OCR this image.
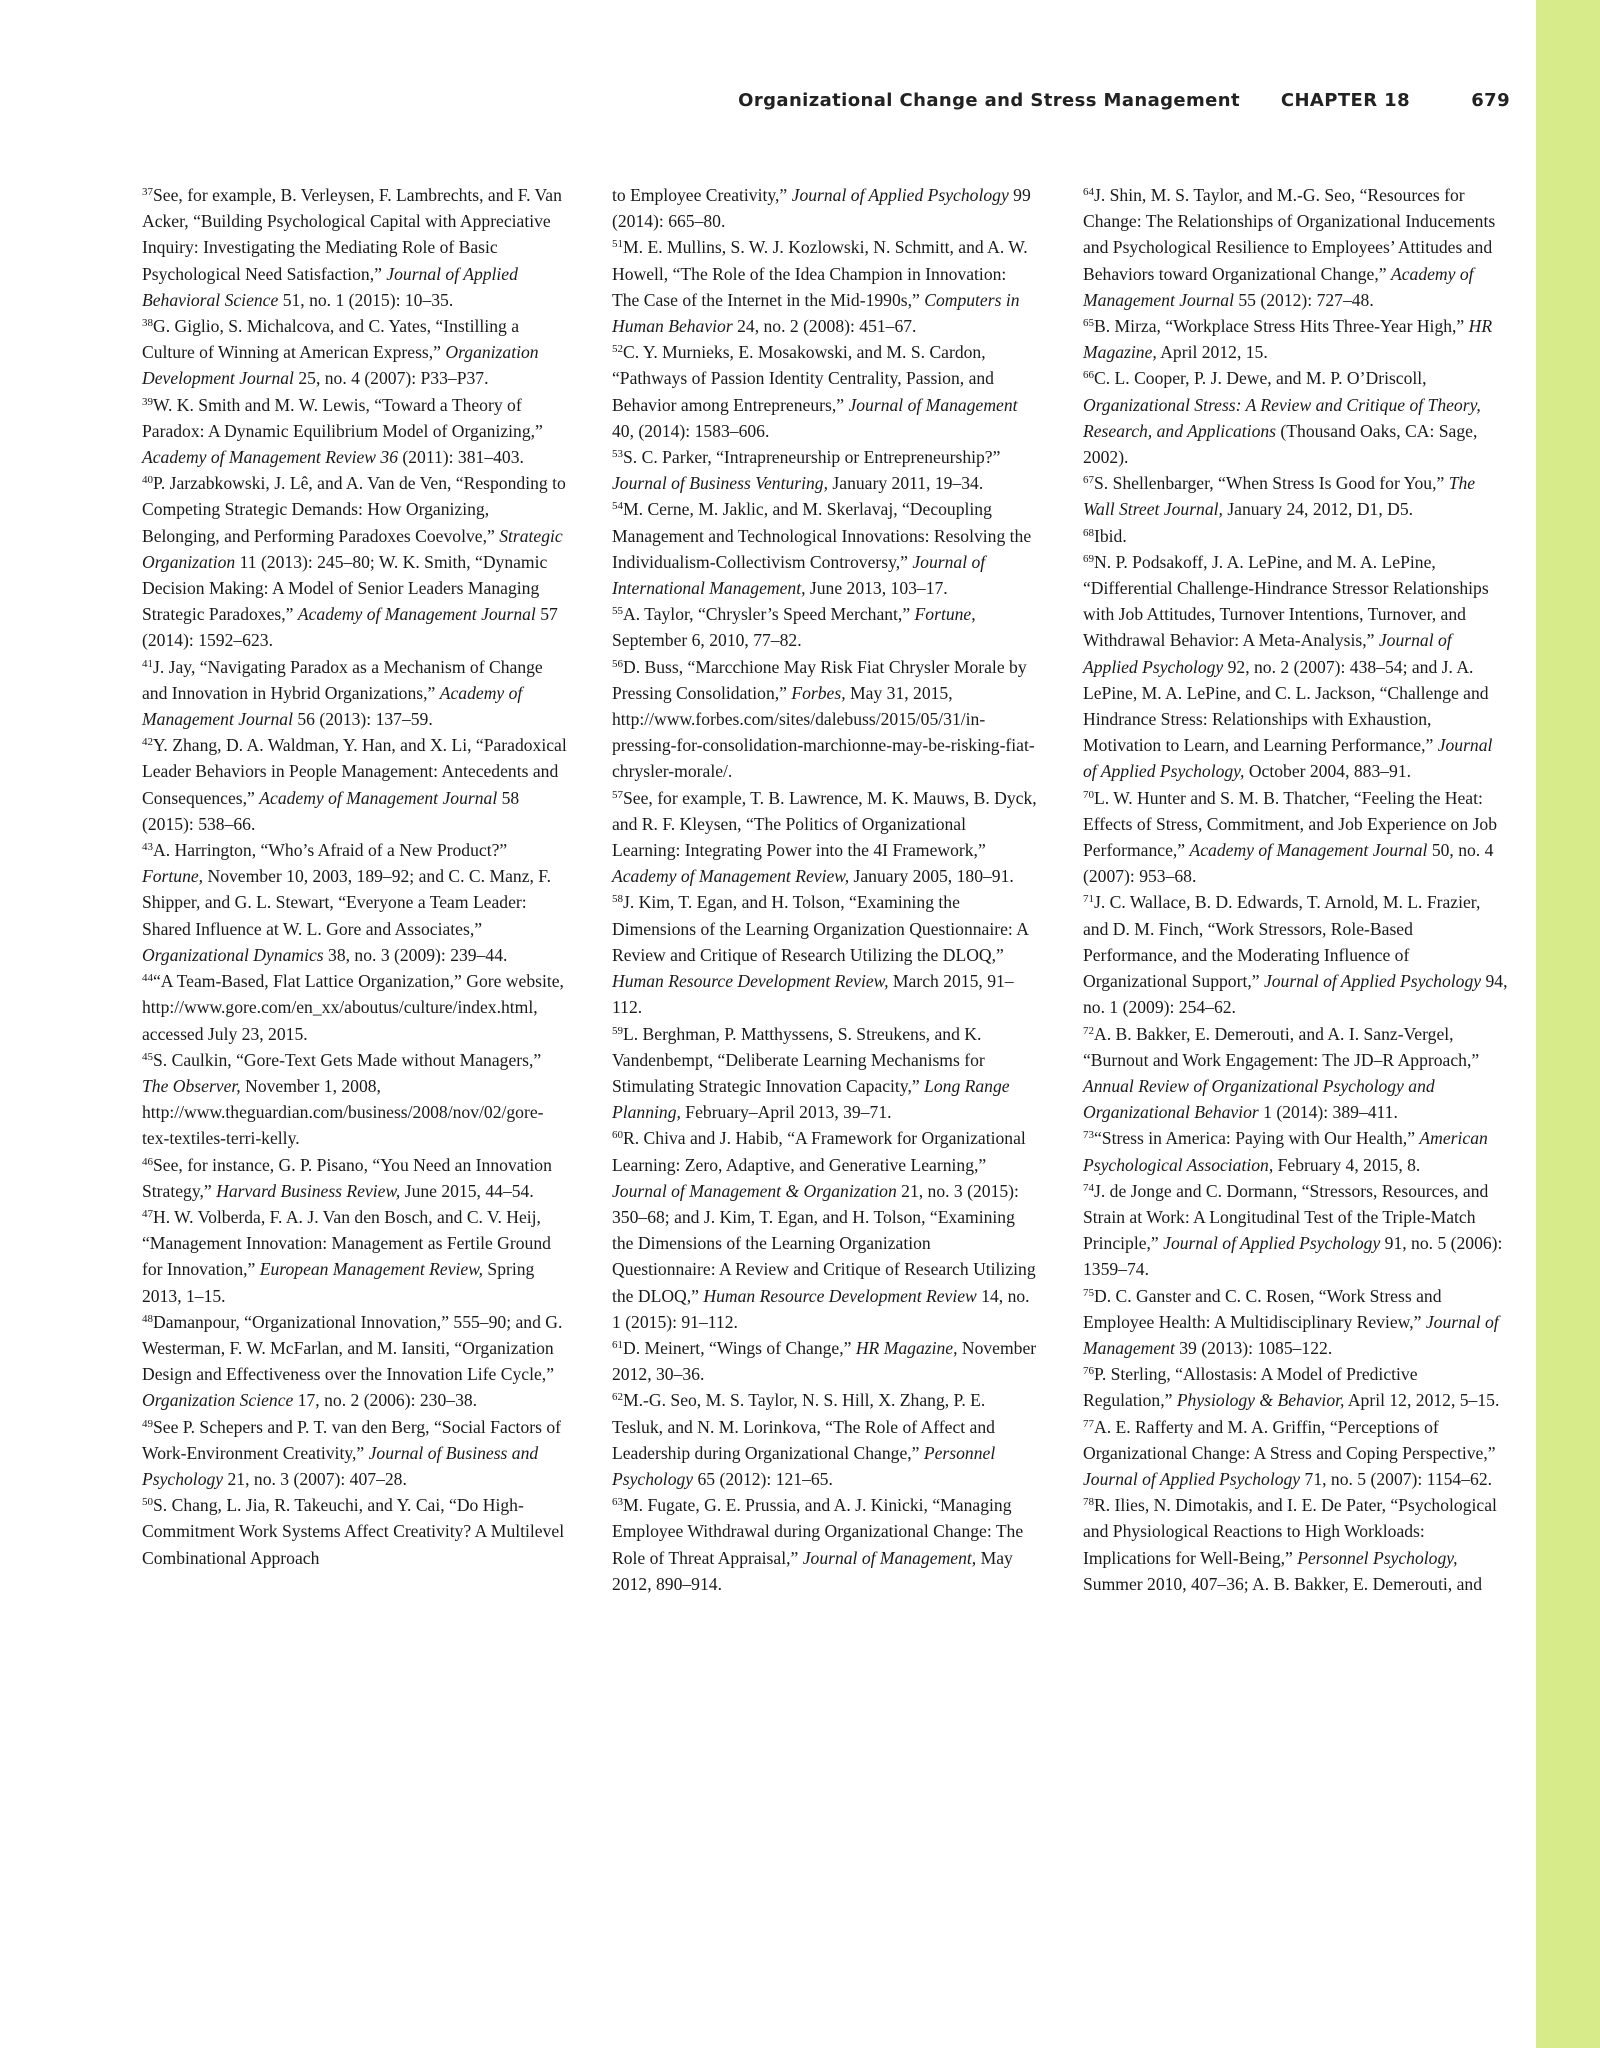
Organizational Change and Stress Management CHAPTER 18	679

$^{37}$See, for example, B. Verleysen, F. Lambrechts, and F. Van Acker, “Building Psychological Capital with Appreciative Inquiry: Investigating the Mediating Role of Basic Psychological Need Satisfaction,” Journal of Applied Behavioral Science 51, no. 1 (2015): 10–35.

$^{38}$G. Giglio, S. Michalcova, and C. Yates, “Instilling a Culture of Winning at American Express,” Organization Development Journal 25, no. 4 (2007): P33–P37.

$^{39}$W. K. Smith and M. W. Lewis, “Toward a Theory of Paradox: A Dynamic Equilibrium Model of Organizing,” Academy of Management Review 36 (2011): 381–403.

$^{40}$P. Jarzabkowski, J. Lê, and A. Van de Ven, “Responding to Competing Strategic Demands: How Organizing, Belonging, and Performing Paradoxes Coevolve,” Strategic Organization 11 (2013): 245–80; W. K. Smith, “Dynamic Decision Making: A Model of Senior Leaders Managing Strategic Paradoxes,” Academy of Management Journal 57 (2014): 1592–623.

$^{41}$J. Jay, “Navigating Paradox as a Mechanism of Change and Innovation in Hybrid Organizations,” Academy of Management Journal 56 (2013): 137–59.

$^{42}$Y. Zhang, D. A. Waldman, Y. Han, and X. Li, “Paradoxical Leader Behaviors in People Management: Antecedents and Consequences,” Academy of Management Journal 58 (2015): 538–66.

$^{43}$A. Harrington, “Who’s Afraid of a New Product?” Fortune, November 10, 2003, 189–92; and C. C. Manz, F. Shipper, and G. L. Stewart, “Everyone a Team Leader: Shared Influence at W. L. Gore and Associates,” Organizational Dynamics 38, no. 3 (2009): 239–44.

$^{44}$“A Team-Based, Flat Lattice Organization,” Gore website, http://www.gore.com/en_xx/aboutus/culture/index.html, accessed July 23, 2015.

$^{45}$S. Caulkin, “Gore-Text Gets Made without Managers,” The Observer, November 1, 2008, http://www.theguardian.com/business/2008/nov/02/gore-tex-textiles-terri-kelly.

$^{46}$See, for instance, G. P. Pisano, “You Need an Innovation Strategy,” Harvard Business Review, June 2015, 44–54.

$^{47}$H. W. Volberda, F. A. J. Van den Bosch, and C. V. Heij, “Management Innovation: Management as Fertile Ground for Innovation,” European Management Review, Spring 2013, 1–15.

$^{48}$Damanpour, “Organizational Innovation,” 555–90; and G. Westerman, F. W. McFarlan, and M. Iansiti, “Organization Design and Effectiveness over the Innovation Life Cycle,” Organization Science 17, no. 2 (2006): 230–38.

$^{49}$See P. Schepers and P. T. van den Berg, “Social Factors of Work-Environment Creativity,” Journal of Business and Psychology 21, no. 3 (2007): 407–28.

$^{50}$S. Chang, L. Jia, R. Takeuchi, and Y. Cai, “Do High-Commitment Work Systems Affect Creativity? A Multilevel Combinational Approach

to Employee Creativity,” Journal of Applied Psychology 99 (2014): 665–80.

$^{51}$M. E. Mullins, S. W. J. Kozlowski, N. Schmitt, and A. W. Howell, “The Role of the Idea Champion in Innovation: The Case of the Internet in the Mid-1990s,” Computers in Human Behavior 24, no. 2 (2008): 451–67.

$^{52}$C. Y. Murnieks, E. Mosakowski, and M. S. Cardon, “Pathways of Passion Identity Centrality, Passion, and Behavior among Entrepreneurs,” Journal of Management 40, (2014): 1583–606.

$^{53}$S. C. Parker, “Intrapreneurship or Entrepreneurship?” Journal of Business Venturing, January 2011, 19–34.

$^{54}$M. Cerne, M. Jaklic, and M. Skerlavaj, “Decoupling Management and Technological Innovations: Resolving the Individualism-Collectivism Controversy,” Journal of International Management, June 2013, 103–17.

$^{55}$A. Taylor, “Chrysler’s Speed Merchant,” Fortune, September 6, 2010, 77–82.

$^{56}$D. Buss, “Marcchione May Risk Fiat Chrysler Morale by Pressing Consolidation,” Forbes, May 31, 2015, http://www.forbes.com/sites/dalebuss/2015/05/31/in-pressing-for-consolidation-marchionne-may-be-risking-fiat-chrysler-morale/.

$^{57}$See, for example, T. B. Lawrence, M. K. Mauws, B. Dyck, and R. F. Kleysen, “The Politics of Organizational Learning: Integrating Power into the 4I Framework,” Academy of Management Review, January 2005, 180–91.

$^{58}$J. Kim, T. Egan, and H. Tolson, “Examining the Dimensions of the Learning Organization Questionnaire: A Review and Critique of Research Utilizing the DLOQ,” Human Resource Development Review, March 2015, 91–112.

$^{59}$L. Berghman, P. Matthyssens, S. Streukens, and K. Vandenbempt, “Deliberate Learning Mechanisms for Stimulating Strategic Innovation Capacity,” Long Range Planning, February–April 2013, 39–71.

$^{60}$R. Chiva and J. Habib, “A Framework for Organizational Learning: Zero, Adaptive, and Generative Learning,” Journal of Management & Organization 21, no. 3 (2015): 350–68; and J. Kim, T. Egan, and H. Tolson, “Examining the Dimensions of the Learning Organization Questionnaire: A Review and Critique of Research Utilizing the DLOQ,” Human Resource Development Review 14, no. 1 (2015): 91–112.

$^{61}$D. Meinert, “Wings of Change,” HR Magazine, November 2012, 30–36.

$^{62}$M.-G. Seo, M. S. Taylor, N. S. Hill, X. Zhang, P. E. Tesluk, and N. M. Lorinkova, “The Role of Affect and Leadership during Organizational Change,” Personnel Psychology 65 (2012): 121–65.

$^{63}$M. Fugate, G. E. Prussia, and A. J. Kinicki, “Managing Employee Withdrawal during Organizational Change: The Role of Threat Appraisal,” Journal of Management, May 2012, 890–914.

$^{64}$J. Shin, M. S. Taylor, and M.-G. Seo, “Resources for Change: The Relationships of Organizational Inducements and Psychological Resilience to Employees’ Attitudes and Behaviors toward Organizational Change,” Academy of Management Journal 55 (2012): 727–48.

$^{65}$B. Mirza, “Workplace Stress Hits Three-Year High,” HR Magazine, April 2012, 15.

$^{66}$C. L. Cooper, P. J. Dewe, and M. P. O’Driscoll, Organizational Stress: A Review and Critique of Theory, Research, and Applications (Thousand Oaks, CA: Sage, 2002).

$^{67}$S. Shellenbarger, “When Stress Is Good for You,” The Wall Street Journal, January 24, 2012, D1, D5.

$^{68}$Ibid.

$^{69}$N. P. Podsakoff, J. A. LePine, and M. A. LePine, “Differential Challenge-Hindrance Stressor Relationships with Job Attitudes, Turnover Intentions, Turnover, and Withdrawal Behavior: A Meta-Analysis,” Journal of Applied Psychology 92, no. 2 (2007): 438–54; and J. A. LePine, M. A. LePine, and C. L. Jackson, “Challenge and Hindrance Stress: Relationships with Exhaustion, Motivation to Learn, and Learning Performance,” Journal of Applied Psychology, October 2004, 883–91.

$^{70}$L. W. Hunter and S. M. B. Thatcher, “Feeling the Heat: Effects of Stress, Commitment, and Job Experience on Job Performance,” Academy of Management Journal 50, no. 4 (2007): 953–68.

$^{71}$J. C. Wallace, B. D. Edwards, T. Arnold, M. L. Frazier, and D. M. Finch, “Work Stressors, Role-Based Performance, and the Moderating Influence of Organizational Support,” Journal of Applied Psychology 94, no. 1 (2009): 254–62.

$^{72}$A. B. Bakker, E. Demerouti, and A. I. Sanz-Vergel, “Burnout and Work Engagement: The JD–R Approach,” Annual Review of Organizational Psychology and Organizational Behavior 1 (2014): 389–411.

$^{73}$“Stress in America: Paying with Our Health,” American Psychological Association, February 4, 2015, 8.

$^{74}$J. de Jonge and C. Dormann, “Stressors, Resources, and Strain at Work: A Longitudinal Test of the Triple-Match Principle,” Journal of Applied Psychology 91, no. 5 (2006): 1359–74.

$^{75}$D. C. Ganster and C. C. Rosen, “Work Stress and Employee Health: A Multidisciplinary Review,” Journal of Management 39 (2013): 1085–122.

$^{76}$P. Sterling, “Allostasis: A Model of Predictive Regulation,” Physiology & Behavior, April 12, 2012, 5–15.

$^{77}$A. E. Rafferty and M. A. Griffin, “Perceptions of Organizational Change: A Stress and Coping Perspective,” Journal of Applied Psychology 71, no. 5 (2007): 1154–62.

$^{78}$R. Ilies, N. Dimotakis, and I. E. De Pater, “Psychological and Physiological Reactions to High Workloads: Implications for Well-Being,” Personnel Psychology, Summer 2010, 407–36; A. B. Bakker, E. Demerouti, and
